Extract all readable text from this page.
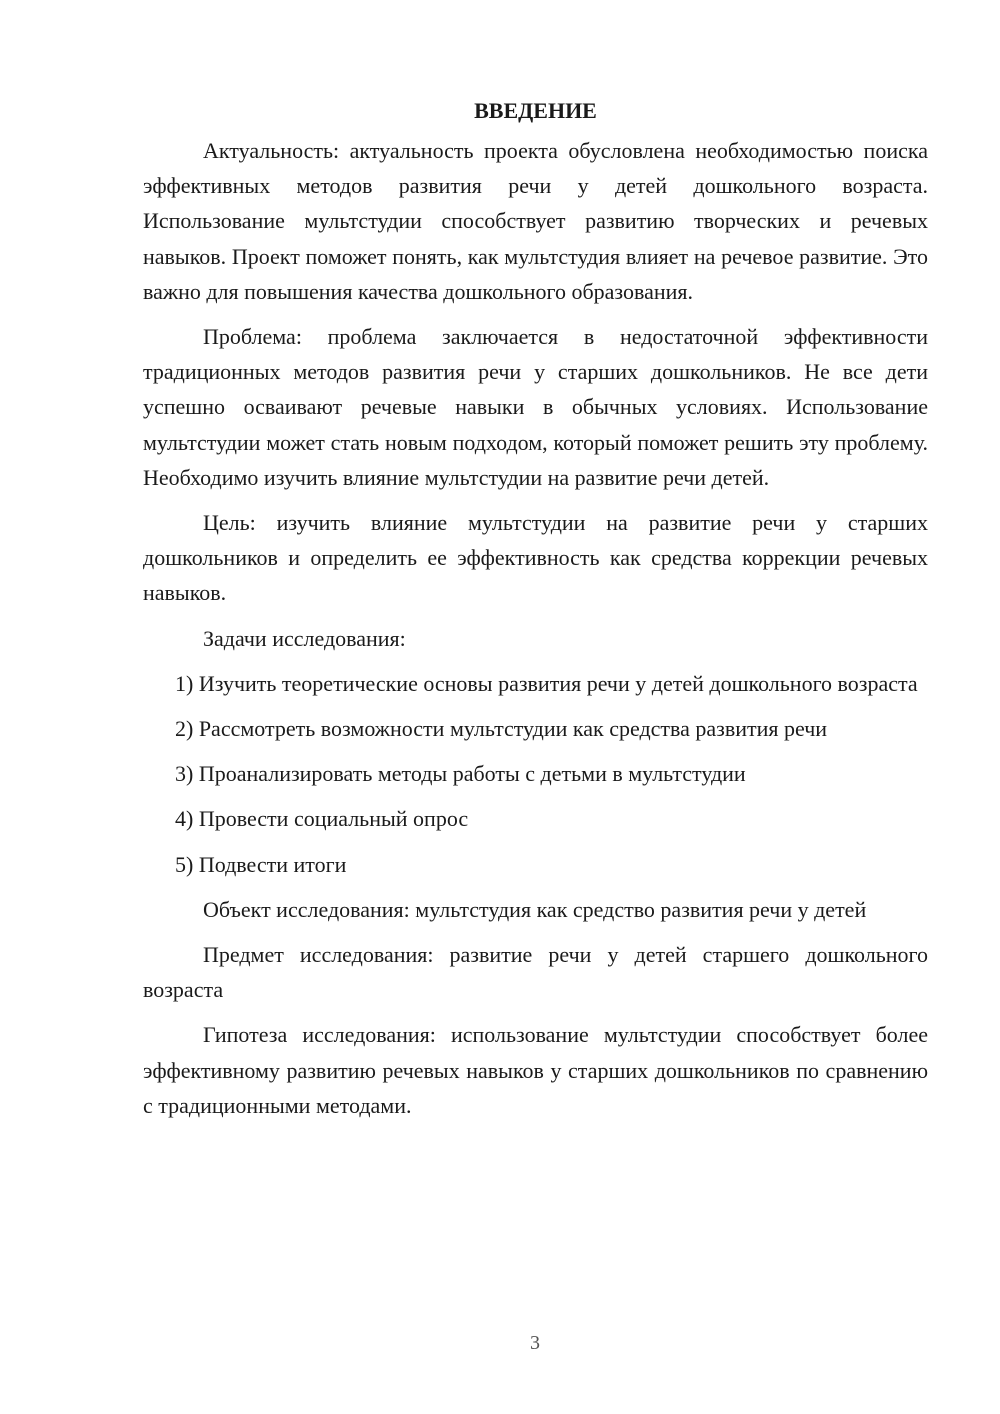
ВВЕДЕНИЕ

Актуальность: актуальность проекта обусловлена необходимостью поиска эффективных методов развития речи у детей дошкольного возраста. Использование мультстудии способствует развитию творческих и речевых навыков. Проект поможет понять, как мультстудия влияет на речевое развитие. Это важно для повышения качества дошкольного образования.

Проблема: проблема заключается в недостаточной эффективности традиционных методов развития речи у старших дошкольников. Не все дети успешно осваивают речевые навыки в обычных условиях. Использование мультстудии может стать новым подходом, который поможет решить эту проблему. Необходимо изучить влияние мультстудии на развитие речи детей.

Цель: изучить влияние мультстудии на развитие речи у старших дошкольников и определить ее эффективность как средства коррекции речевых навыков.

Задачи исследования:

1) Изучить теоретические основы развития речи у детей дошкольного возраста

2) Рассмотреть возможности мультстудии как средства развития речи

3) Проанализировать методы работы с детьми в мультстудии

4) Провести социальный опрос

5) Подвести итоги

Объект исследования: мультстудия как средство развития речи у детей

Предмет исследования: развитие речи у детей старшего дошкольного возраста

Гипотеза исследования: использование мультстудии способствует более эффективному развитию речевых навыков у старших дошкольников по сравнению с традиционными методами.

3
